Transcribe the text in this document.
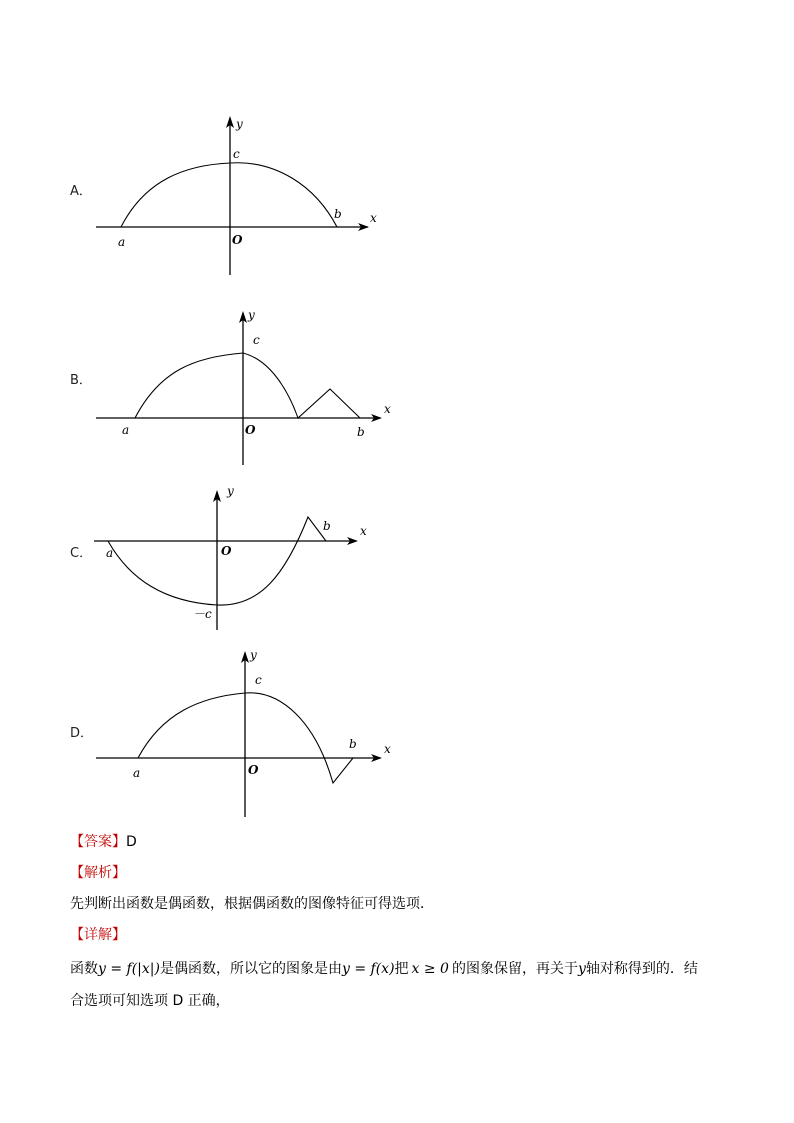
A．
y
x
c
b
a	O
B．
y
x
c
b
a	O
C．
y
x
b
a	O
－c
D．
y
x
c
b
a	O
【答案】D
【解析】
先判断出函数是偶函数，根据偶函数的图像特征可得选项．
【详解】
函数y = f(|x|)是偶函数，所以它的图象是由y = f(x)把 x ≥ 0 的图象保留，再关于y轴对称得到的．结
合选项可知选项 D 正确，
